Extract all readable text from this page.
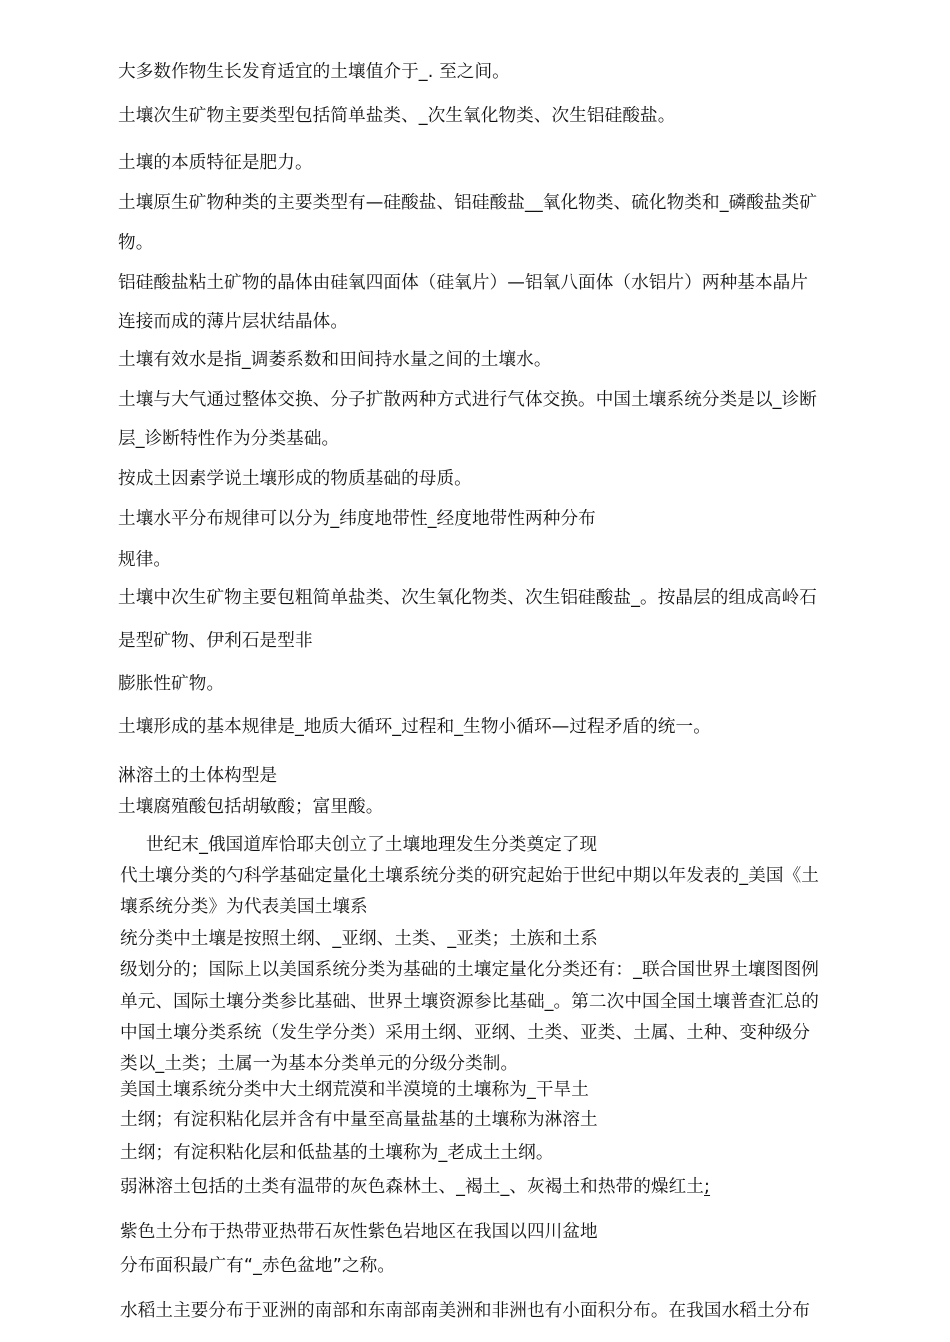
大多数作物生长发育适宜的土壤值介于_. 至之间。

土壤次生矿物主要类型包括简单盐类、_次生氧化物类、次生铝硅酸盐。

土壤的本质特征是肥力。

土壤原生矿物种类的主要类型有—硅酸盐、铝硅酸盐__氧化物类、硫化物类和_磷酸盐类矿

物。

铝硅酸盐粘土矿物的晶体由硅氧四面体（硅氧片）—铝氧八面体（水铝片）两种基本晶片

连接而成的薄片层状结晶体。

土壤有效水是指_调萎系数和田间持水量之间的土壤水。

土壤与大气通过整体交换、分子扩散两种方式进行气体交换。中国土壤系统分类是以_诊断

层_诊断特性作为分类基础。

按成土因素学说土壤形成的物质基础的母质。

土壤水平分布规律可以分为_纬度地带性_经度地带性两种分布

规律。

土壤中次生矿物主要包粗简单盐类、次生氧化物类、次生铝硅酸盐_。按晶层的组成高岭石

是型矿物、伊利石是型非

膨胀性矿物。

土壤形成的基本规律是_地质大循环_过程和_生物小循环—过程矛盾的统一。

淋溶土的土体构型是

土壤腐殖酸包括胡敏酸；富里酸。

世纪末_俄国道库恰耶夫创立了土壤地理发生分类奠定了现

代土壤分类的勺科学基础定量化土壤系统分类的研究起始于世纪中期以年发表的_美国《土

壤系统分类》为代表美国土壤系

统分类中土壤是按照土纲、_亚纲、土类、_亚类；土族和土系

级划分的；国际上以美国系统分类为基础的土壤定量化分类还有：_联合国世界土壤图图例

单元、国际土壤分类参比基础、世界土壤资源参比基础_。第二次中国全国土壤普查汇总的

中国土壤分类系统（发生学分类）采用土纲、亚纲、土类、亚类、土属、土种、变种级分

类以_土类；土属一为基本分类单元的分级分类制。

美国土壤系统分类中大土纲荒漠和半漠境的土壤称为_干旱土

土纲；有淀积粘化层并含有中量至高量盐基的土壤称为淋溶土

土纲；有淀积粘化层和低盐基的土壤称为_老成土土纲。

弱淋溶土包括的土类有温带的灰色森林土、_褐土_、灰褐土和热带的燥红土;

紫色土分布于热带亚热带石灰性紫色岩地区在我国以四川盆地

分布面积最广有“_赤色盆地”之称。

水稻土主要分布于亚洲的南部和东南部南美洲和非洲也有小面积分布。在我国水稻土分布
